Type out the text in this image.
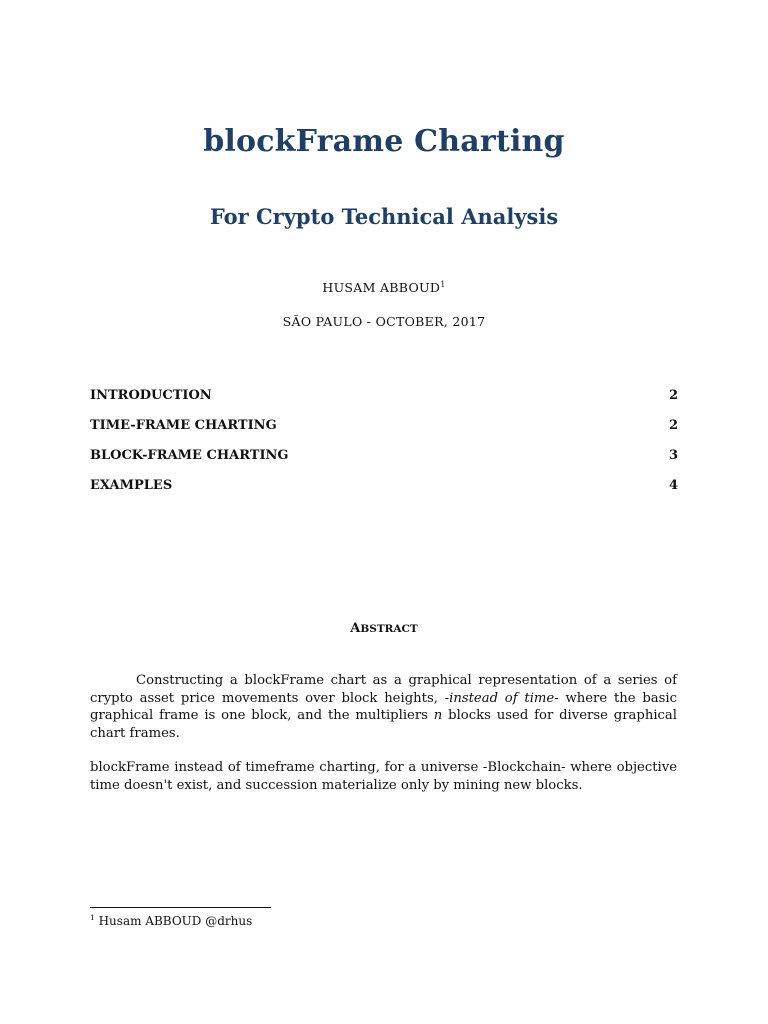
blockFrame Charting
For Crypto Technical Analysis
HUSAM ABBOUD$^1$
SÃO PAULO - OCTOBER, 2017
INTRODUCTION	2
TIME-FRAME CHARTING	2
BLOCK-FRAME CHARTING	3
EXAMPLES	4
ABSTRACT

Constructing a blockFrame chart as a graphical representation of a series of crypto asset price movements over block heights, -instead of time- where the basic graphical frame is one block, and the multipliers n blocks used for diverse graphical chart frames.

blockFrame instead of timeframe charting, for a universe -Blockchain- where objective time doesn't exist, and succession materialize only by mining new blocks.

$^1$ Husam ABBOUD @drhus
